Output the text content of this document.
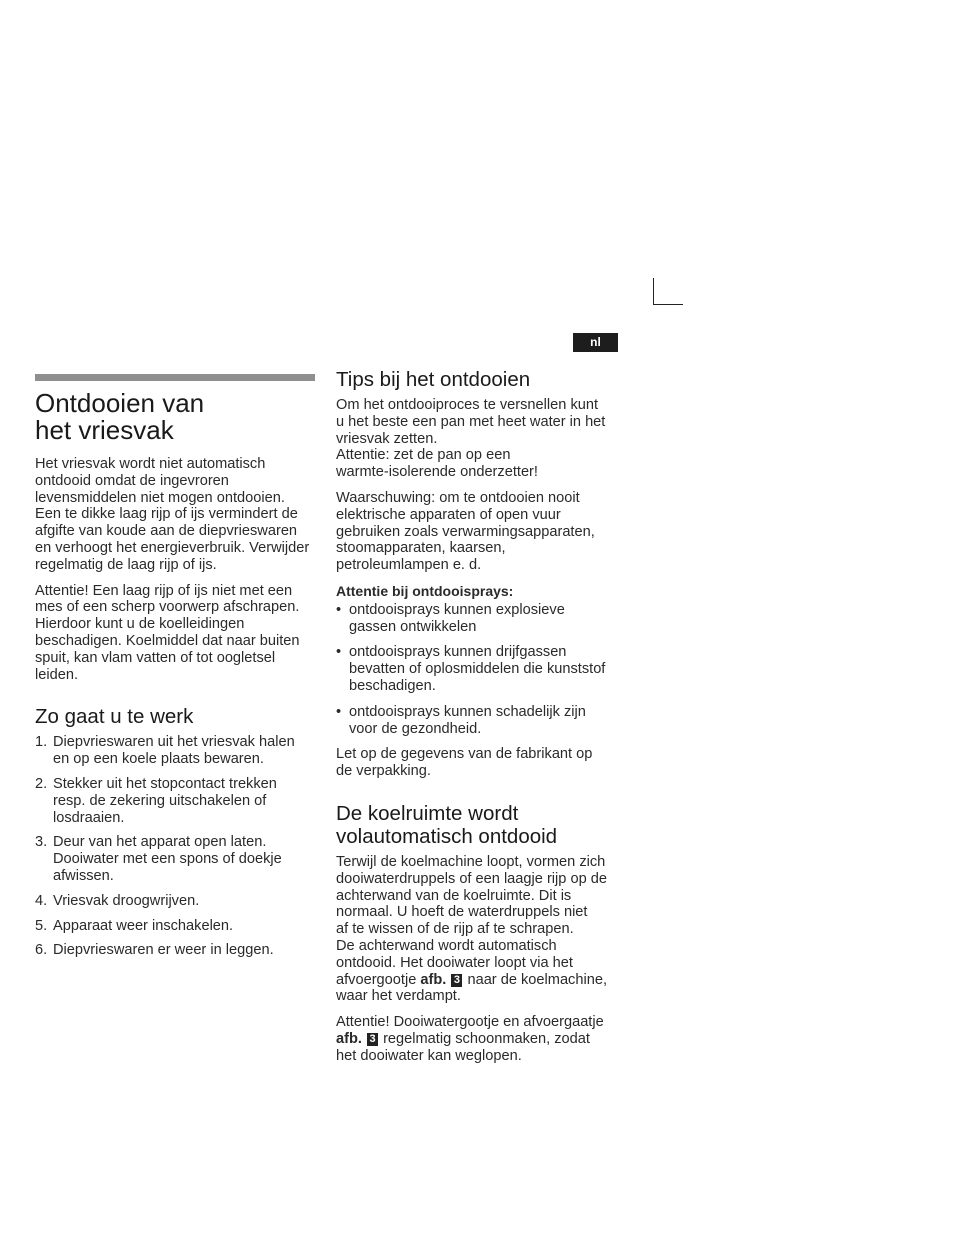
nl
Ontdooien van
het vriesvak

Het vriesvak wordt niet automatisch
ontdooid omdat de ingevroren
levensmiddelen niet mogen ontdooien.
Een te dikke laag rijp of ijs vermindert de
afgifte van koude aan de diepvrieswaren
en verhoogt het energieverbruik. Verwijder
regelmatig de laag rijp of ijs.

Attentie! Een laag rijp of ijs niet met een
mes of een scherp voorwerp afschrapen.
Hierdoor kunt u de koelleidingen
beschadigen. Koelmiddel dat naar buiten
spuit, kan vlam vatten of tot oogletsel
leiden.

Zo gaat u te werk
1. Diepvrieswaren uit het vriesvak halen
en op een koele plaats bewaren.
2. Stekker uit het stopcontact trekken
resp. de zekering uitschakelen of
losdraaien.
3. Deur van het apparat open laten.
Dooiwater met een spons of doekje
afwissen.
4. Vriesvak droogwrijven.
5. Apparaat weer inschakelen.
6. Diepvrieswaren er weer in leggen.
Tips bij het ontdooien

Om het ontdooiproces te versnellen kunt
u het beste een pan met heet water in het
vriesvak zetten.
Attentie: zet de pan op een
warmte-isolerende onderzetter!

Waarschuwing: om te ontdooien nooit
elektrische apparaten of open vuur
gebruiken zoals verwarmingsapparaten,
stoomapparaten, kaarsen,
petroleumlampen e. d.

Attentie bij ontdooisprays:
• ontdooisprays kunnen explosieve
gassen ontwikkelen
• ontdooisprays kunnen drijfgassen
bevatten of oplosmiddelen die kunststof
beschadigen.
• ontdooisprays kunnen schadelijk zijn
voor de gezondheid.

Let op de gegevens van de fabrikant op
de verpakking.

De koelruimte wordt
volautomatisch ontdooid

Terwijl de koelmachine loopt, vormen zich
dooiwaterdruppels of een laagje rijp op de
achterwand van de koelruimte. Dit is
normaal. U hoeft de waterdruppels niet
af te wissen of de rijp af te schrapen.
De achterwand wordt automatisch
ontdooid. Het dooiwater loopt via het
afvoergootje afb. 3 naar de koelmachine,
waar het verdampt.

Attentie! Dooiwatergootje en afvoergaatje
afb. 3 regelmatig schoonmaken, zodat
het dooiwater kan weglopen.
